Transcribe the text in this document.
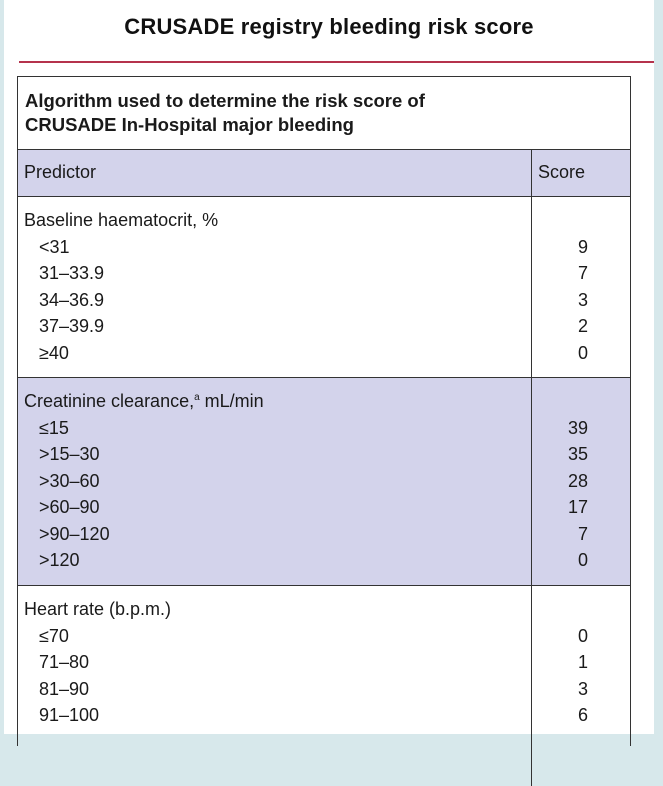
CRUSADE registry bleeding risk score
Algorithm used to determine the risk score of
CRUSADE In-Hospital major bleeding
Predictor	Score
Baseline haematocrit, %
<31
31–33.9
34–36.9
37–39.9
≥40
9
7
3
2
0
Creatinine clearance,$^a$ mL/min
≤15
>15–30
>30–60
>60–90
>90–120
>120
39
35
28
17
7
0
Heart rate (b.p.m.)
≤70
71–80
81–90
91–100
0
1
3
6
